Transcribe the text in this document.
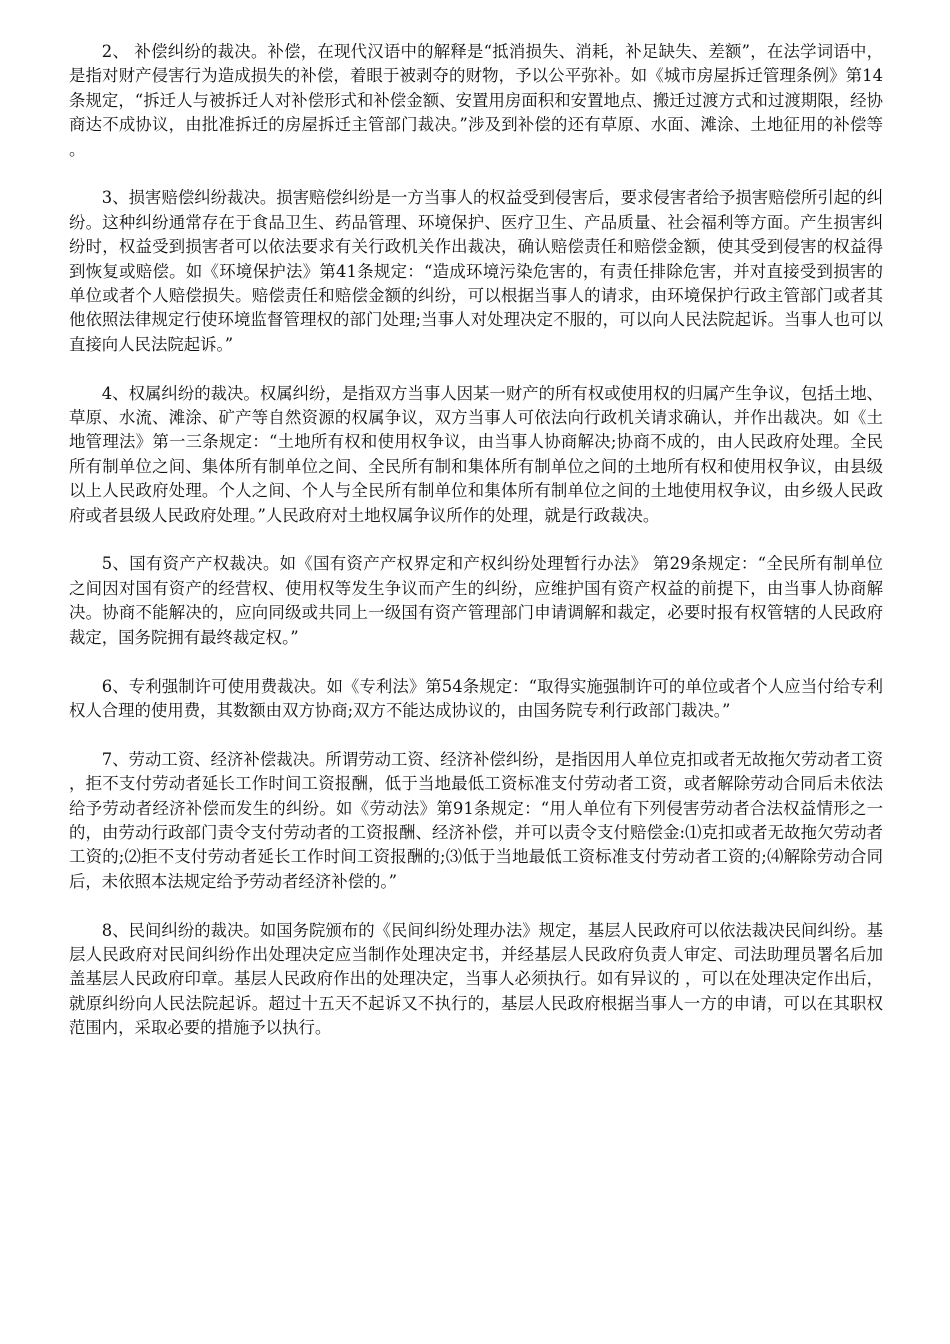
2、 补偿纠纷的裁决。补偿，在现代汉语中的解释是“抵消损失、消耗，补足缺失、差额”，在法学词语中，是指对财产侵害行为造成损失的补偿，着眼于被剥夺的财物，予以公平弥补。如《城市房屋拆迁管理条例》第14条规定，“拆迁人与被拆迁人对补偿形式和补偿金额、安置用房面积和安置地点、搬迁过渡方式和过渡期限，经协商达不成协议，由批准拆迁的房屋拆迁主管部门裁决。”涉及到补偿的还有草原、水面、滩涂、土地征用的补偿等。

3、损害赔偿纠纷裁决。损害赔偿纠纷是一方当事人的权益受到侵害后，要求侵害者给予损害赔偿所引起的纠纷。这种纠纷通常存在于食品卫生、药品管理、环境保护、医疗卫生、产品质量、社会福利等方面。产生损害纠纷时，权益受到损害者可以依法要求有关行政机关作出裁决，确认赔偿责任和赔偿金额，使其受到侵害的权益得到恢复或赔偿。如《环境保护法》第41条规定：“造成环境污染危害的，有责任排除危害，并对直接受到损害的单位或者个人赔偿损失。赔偿责任和赔偿金额的纠纷，可以根据当事人的请求，由环境保护行政主管部门或者其他依照法律规定行使环境监督管理权的部门处理;当事人对处理决定不服的，可以向人民法院起诉。当事人也可以直接向人民法院起诉。”

4、权属纠纷的裁决。权属纠纷，是指双方当事人因某一财产的所有权或使用权的归属产生争议，包括土地、草原、水流、滩涂、矿产等自然资源的权属争议，双方当事人可依法向行政机关请求确认，并作出裁决。如《土地管理法》第一三条规定：“土地所有权和使用权争议，由当事人协商解决;协商不成的，由人民政府处理。全民所有制单位之间、集体所有制单位之间、全民所有制和集体所有制单位之间的土地所有权和使用权争议，由县级以上人民政府处理。个人之间、个人与全民所有制单位和集体所有制单位之间的土地使用权争议，由乡级人民政府或者县级人民政府处理。”人民政府对土地权属争议所作的处理，就是行政裁决。

5、国有资产产权裁决。如《国有资产产权界定和产权纠纷处理暂行办法》 第29条规定：“全民所有制单位之间因对国有资产的经营权、使用权等发生争议而产生的纠纷，应维护国有资产权益的前提下，由当事人协商解决。协商不能解决的，应向同级或共同上一级国有资产管理部门申请调解和裁定，必要时报有权管辖的人民政府裁定，国务院拥有最终裁定权。”

6、专利强制许可使用费裁决。如《专利法》第54条规定：“取得实施强制许可的单位或者个人应当付给专利权人合理的使用费，其数额由双方协商;双方不能达成协议的，由国务院专利行政部门裁决。”

7、劳动工资、经济补偿裁决。所谓劳动工资、经济补偿纠纷，是指因用人单位克扣或者无故拖欠劳动者工资，拒不支付劳动者延长工作时间工资报酬，低于当地最低工资标准支付劳动者工资，或者解除劳动合同后未依法给予劳动者经济补偿而发生的纠纷。如《劳动法》第91条规定：“用人单位有下列侵害劳动者合法权益情形之一的，由劳动行政部门责令支付劳动者的工资报酬、经济补偿，并可以责令支付赔偿金:⑴克扣或者无故拖欠劳动者工资的;⑵拒不支付劳动者延长工作时间工资报酬的;⑶低于当地最低工资标准支付劳动者工资的;⑷解除劳动合同后，未依照本法规定给予劳动者经济补偿的。”

8、民间纠纷的裁决。如国务院颁布的《民间纠纷处理办法》规定，基层人民政府可以依法裁决民间纠纷。基层人民政府对民间纠纷作出处理决定应当制作处理决定书，并经基层人民政府负责人审定、司法助理员署名后加盖基层人民政府印章。基层人民政府作出的处理决定，当事人必须执行。如有异议的 ，可以在处理决定作出后，就原纠纷向人民法院起诉。超过十五天不起诉又不执行的，基层人民政府根据当事人一方的申请，可以在其职权范围内，采取必要的措施予以执行。
